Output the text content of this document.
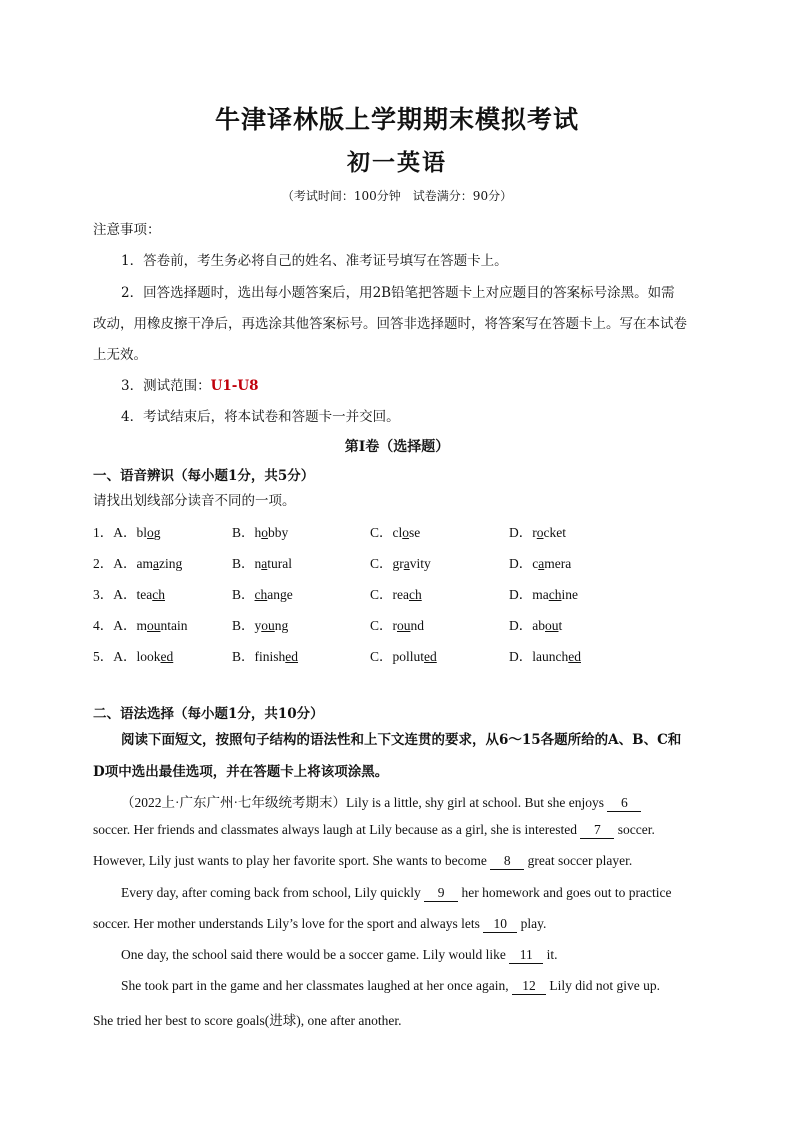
牛津译林版上学期期末模拟考试
初一英语
（考试时间：100分钟　试卷满分：90分）
注意事项：
1．答卷前，考生务必将自己的姓名、准考证号填写在答题卡上。
2．回答选择题时，选出每小题答案后，用2B铅笔把答题卡上对应题目的答案标号涂黑。如需
改动，用橡皮擦干净后，再选涂其他答案标号。回答非选择题时，将答案写在答题卡上。写在本试卷
上无效。
3．测试范围：U1-U8
4．考试结束后，将本试卷和答题卡一并交回。
第Ⅰ卷（选择题）
一、语音辨识（每小题1分，共5分）
请找出划线部分读音不同的一项。
1．A．blog	B．hobby	C．close	D．rocket
2．A．amazing	B．natural	C．gravity	D．camera
3．A．teach	B．change	C．reach	D．machine
4．A．mountain	B．young	C．round	D．about
5．A．looked	B．finished	C．polluted	D．launched
二、语法选择（每小题1分，共10分）
阅读下面短文，按照句子结构的语法性和上下文连贯的要求，从6～15各题所给的A、B、C和
D项中选出最佳选项，并在答题卡上将该项涂黑。
（2022上·广东广州·七年级统考期末）Lily is a little, shy girl at school. But she enjoys 6
soccer. Her friends and classmates always laugh at Lily because as a girl, she is interested 7 soccer.
However, Lily just wants to play her favorite sport. She wants to become 8 great soccer player.
Every day, after coming back from school, Lily quickly 9 her homework and goes out to practice
soccer. Her mother understands Lily’s love for the sport and always lets 10 play.
One day, the school said there would be a soccer game. Lily would like 11 it.
She took part in the game and her classmates laughed at her once again, 12 Lily did not give up.
She tried her best to score goals(进球), one after another.
